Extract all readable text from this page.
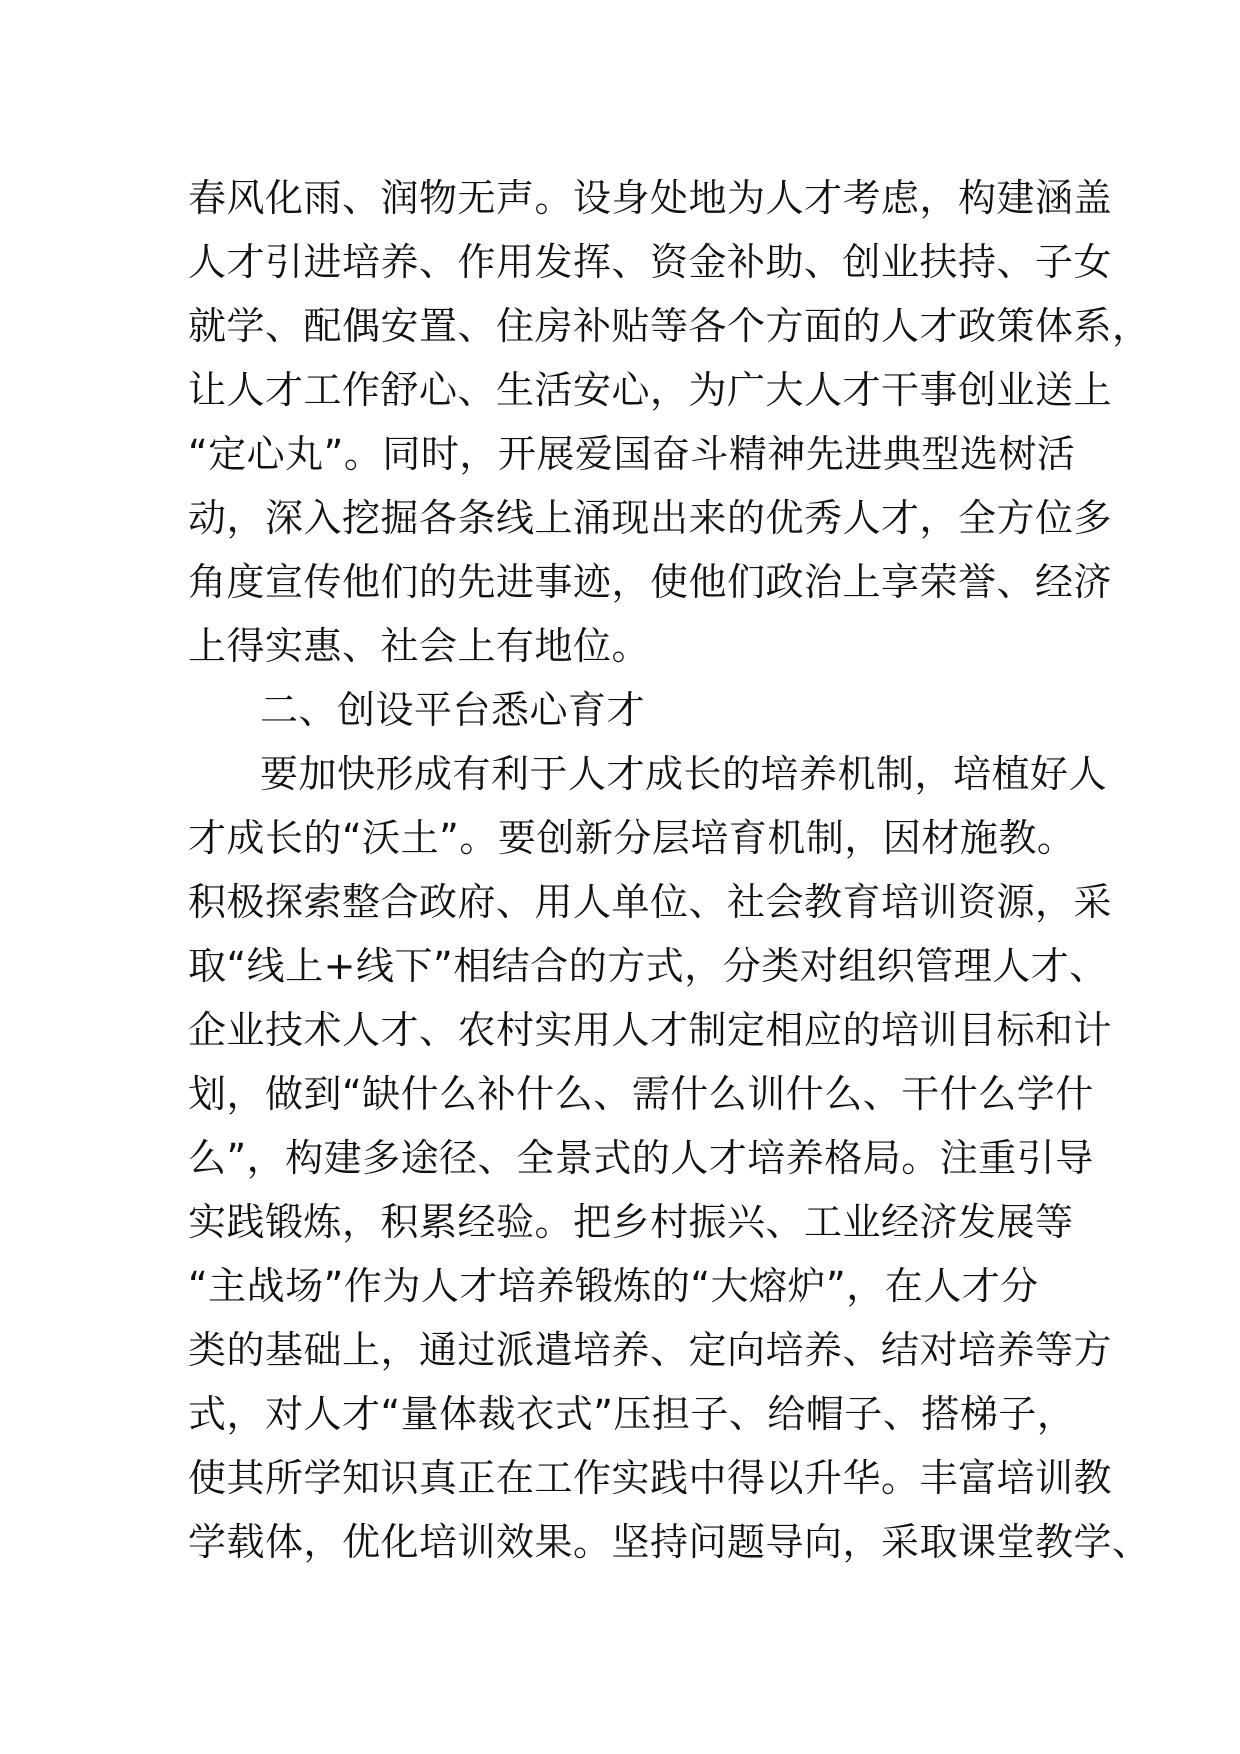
春风化雨、润物无声。设身处地为人才考虑，构建涵盖
人才引进培养、作用发挥、资金补助、创业扶持、子女
就学、配偶安置、住房补贴等各个方面的人才政策体系，
让人才工作舒心、生活安心，为广大人才干事创业送上
“定心丸”。同时，开展爱国奋斗精神先进典型选树活
动，深入挖掘各条线上涌现出来的优秀人才，全方位多
角度宣传他们的先进事迹，使他们政治上享荣誉、经济
上得实惠、社会上有地位。
二、创设平台悉心育才
要加快形成有利于人才成长的培养机制，培植好人
才成长的“沃土”。要创新分层培育机制，因材施教。
积极探索整合政府、用人单位、社会教育培训资源，采
取“线上+线下”相结合的方式，分类对组织管理人才、
企业技术人才、农村实用人才制定相应的培训目标和计
划，做到“缺什么补什么、需什么训什么、干什么学什
么”，构建多途径、全景式的人才培养格局。注重引导
实践锻炼，积累经验。把乡村振兴、工业经济发展等
“主战场”作为人才培养锻炼的“大熔炉”，在人才分
类的基础上，通过派遣培养、定向培养、结对培养等方
式，对人才“量体裁衣式”压担子、给帽子、搭梯子，
使其所学知识真正在工作实践中得以升华。丰富培训教
学载体，优化培训效果。坚持问题导向，采取课堂教学、
